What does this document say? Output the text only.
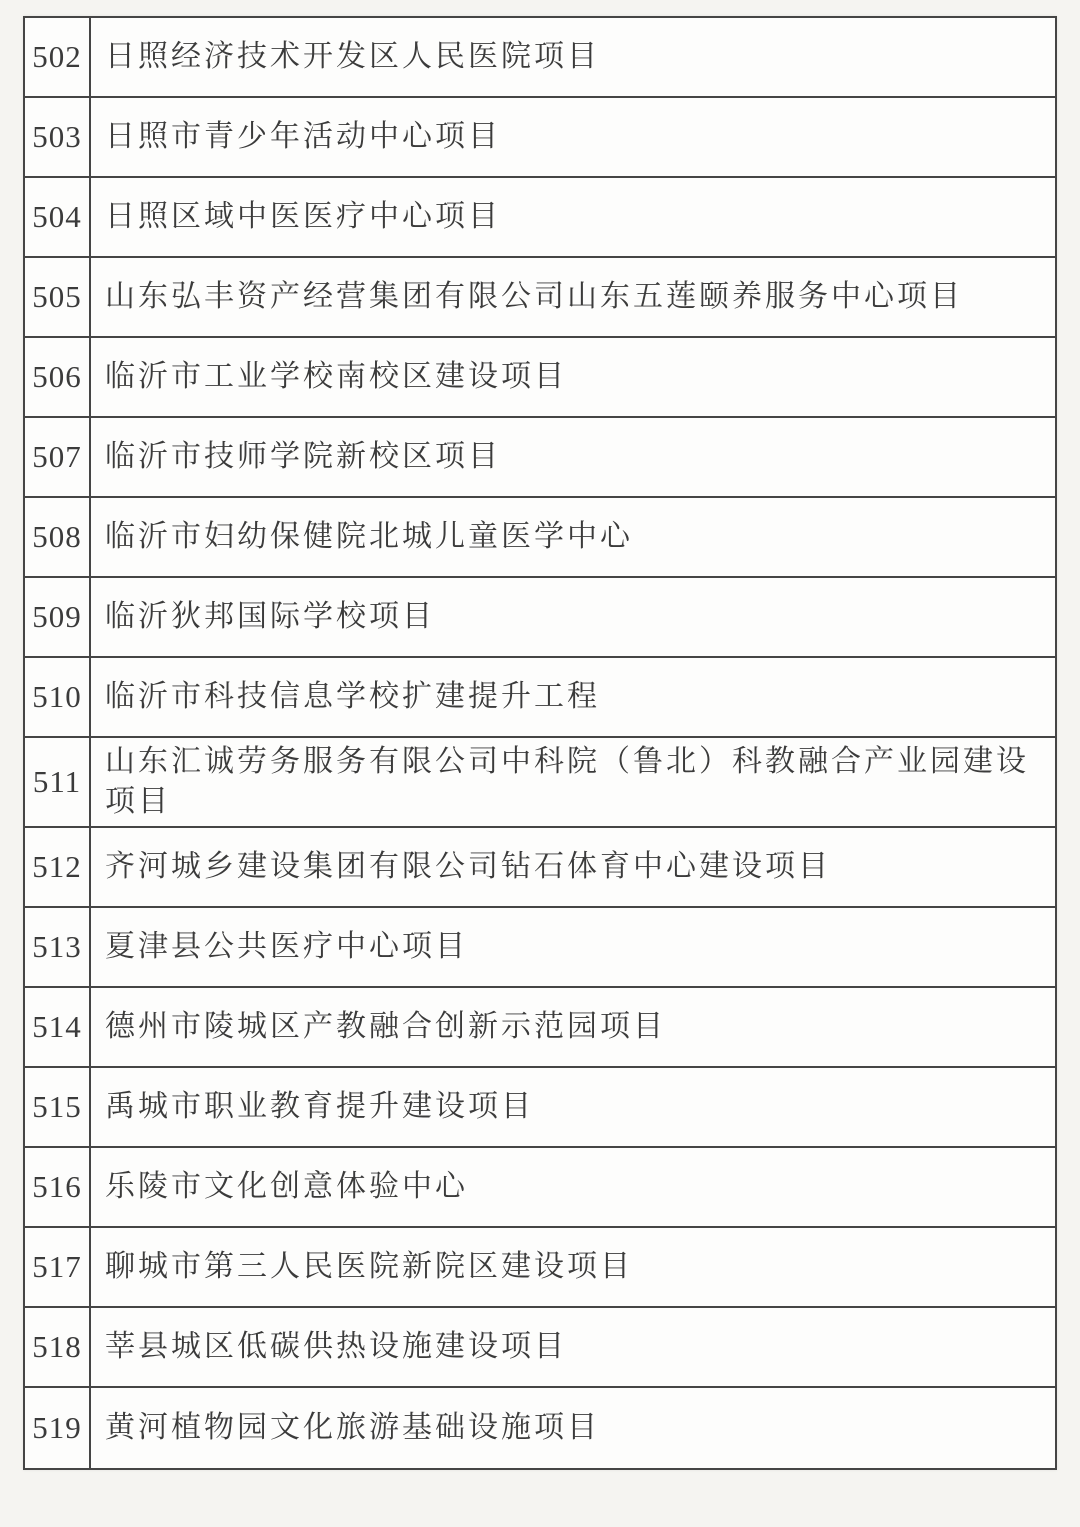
502 日照经济技术开发区人民医院项目
503 日照市青少年活动中心项目
504 日照区域中医医疗中心项目
505 山东弘丰资产经营集团有限公司山东五莲颐养服务中心项目
506 临沂市工业学校南校区建设项目
507 临沂市技师学院新校区项目
508 临沂市妇幼保健院北城儿童医学中心
509 临沂狄邦国际学校项目
510 临沂市科技信息学校扩建提升工程
511
山东汇诚劳务服务有限公司中科院（鲁北）科教融合产业园建设项目
512 齐河城乡建设集团有限公司钻石体育中心建设项目
513 夏津县公共医疗中心项目
514 德州市陵城区产教融合创新示范园项目
515 禹城市职业教育提升建设项目
516 乐陵市文化创意体验中心
517 聊城市第三人民医院新院区建设项目
518 莘县城区低碳供热设施建设项目
519 黄河植物园文化旅游基础设施项目
